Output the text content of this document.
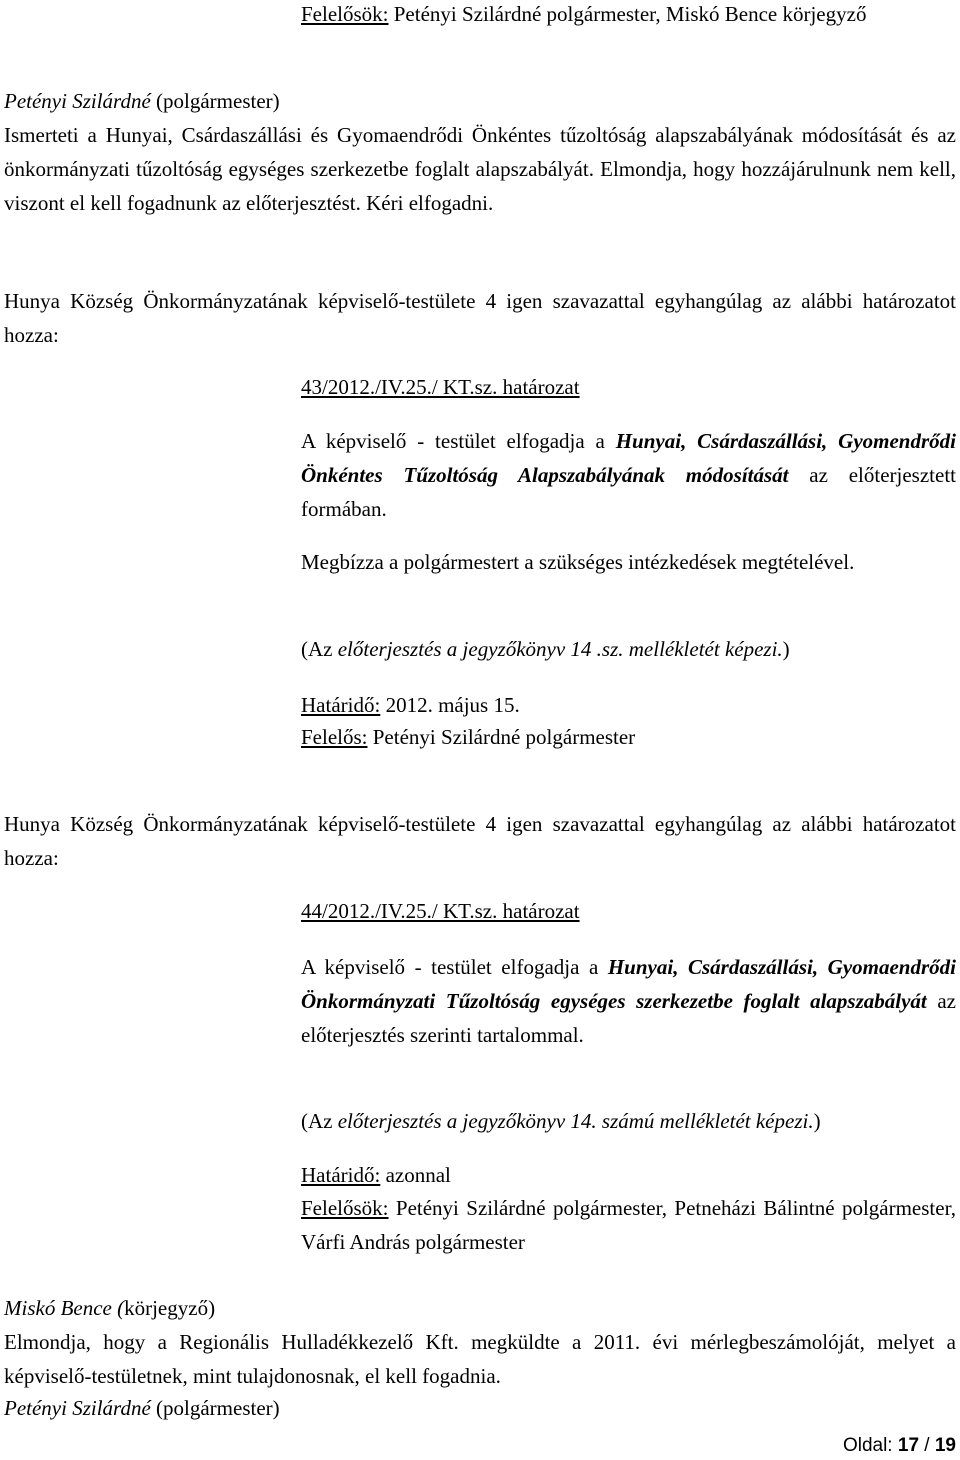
Felelősök: Petényi Szilárdné polgármester, Miskó Bence körjegyző
Petényi Szilárdné (polgármester)
Ismerteti a Hunyai, Csárdaszállási és Gyomaendrődi Önkéntes tűzoltóság alapszabályának módosítását és az önkormányzati tűzoltóság egységes szerkezetbe foglalt alapszabályát. Elmondja, hogy hozzájárulnunk nem kell, viszont el kell fogadnunk az előterjesztést. Kéri elfogadni.
Hunya Község Önkormányzatának képviselő-testülete 4 igen szavazattal egyhangúlag az alábbi határozatot hozza:
43/2012./IV.25./ KT.sz. határozat
A képviselő - testület elfogadja a Hunyai, Csárdaszállási, Gyomendrődi Önkéntes Tűzoltóság Alapszabályának módosítását az előterjesztett formában.
Megbízza a polgármestert a szükséges intézkedések megtételével.
(Az előterjesztés a jegyzőkönyv 14 .sz. mellékletét képezi.)
Határidő: 2012. május 15.
Felelős: Petényi Szilárdné polgármester
Hunya Község Önkormányzatának képviselő-testülete 4 igen szavazattal egyhangúlag az alábbi határozatot hozza:
44/2012./IV.25./ KT.sz. határozat
A képviselő - testület elfogadja a Hunyai, Csárdaszállási, Gyomaendrődi Önkormányzati Tűzoltóság egységes szerkezetbe foglalt alapszabályát az előterjesztés szerinti tartalommal.
(Az előterjesztés a jegyzőkönyv 14. számú mellékletét képezi.)
Határidő: azonnal
Felelősök: Petényi Szilárdné polgármester, Petneházi Bálintné polgármester, Várfi András polgármester
Miskó Bence (körjegyző)
Elmondja, hogy a Regionális Hulladékkezelő Kft. megküldte a 2011. évi mérlegbeszámolóját, melyet a képviselő-testületnek, mint tulajdonosnak, el kell fogadnia.
Petényi Szilárdné (polgármester)
Oldal: 17 / 19
